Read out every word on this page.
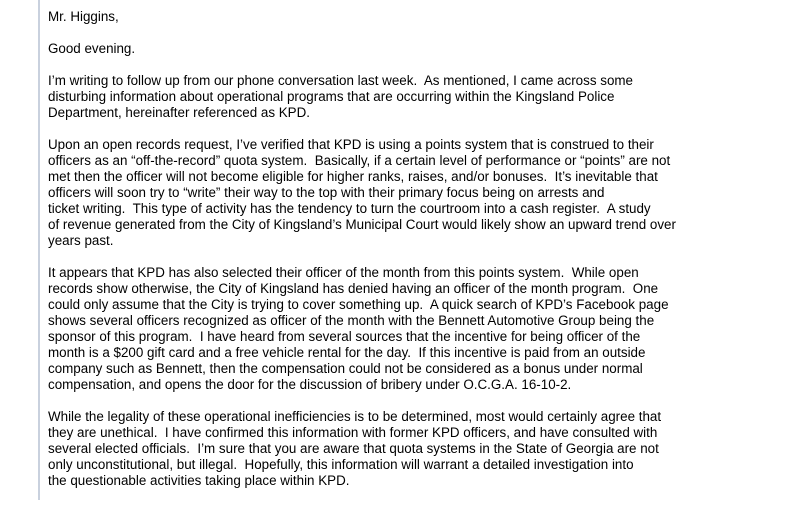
Mr. Higgins,

Good evening.

I’m writing to follow up from our phone conversation last week.  As mentioned, I came across some
disturbing information about operational programs that are occurring within the Kingsland Police
Department, hereinafter referenced as KPD.

Upon an open records request, I’ve verified that KPD is using a points system that is construed to their
officers as an “off-the-record” quota system.  Basically, if a certain level of performance or “points” are not
met then the officer will not become eligible for higher ranks, raises, and/or bonuses.  It’s inevitable that
officers will soon try to “write” their way to the top with their primary focus being on arrests and
ticket writing.  This type of activity has the tendency to turn the courtroom into a cash register.  A study
of revenue generated from the City of Kingsland’s Municipal Court would likely show an upward trend over
years past.

It appears that KPD has also selected their officer of the month from this points system.  While open
records show otherwise, the City of Kingsland has denied having an officer of the month program.  One
could only assume that the City is trying to cover something up.  A quick search of KPD’s Facebook page
shows several officers recognized as officer of the month with the Bennett Automotive Group being the
sponsor of this program.  I have heard from several sources that the incentive for being officer of the
month is a $200 gift card and a free vehicle rental for the day.  If this incentive is paid from an outside
company such as Bennett, then the compensation could not be considered as a bonus under normal
compensation, and opens the door for the discussion of bribery under O.C.G.A. 16-10-2.

While the legality of these operational inefficiencies is to be determined, most would certainly agree that
they are unethical.  I have confirmed this information with former KPD officers, and have consulted with
several elected officials.  I’m sure that you are aware that quota systems in the State of Georgia are not
only unconstitutional, but illegal.  Hopefully, this information will warrant a detailed investigation into
the questionable activities taking place within KPD.
